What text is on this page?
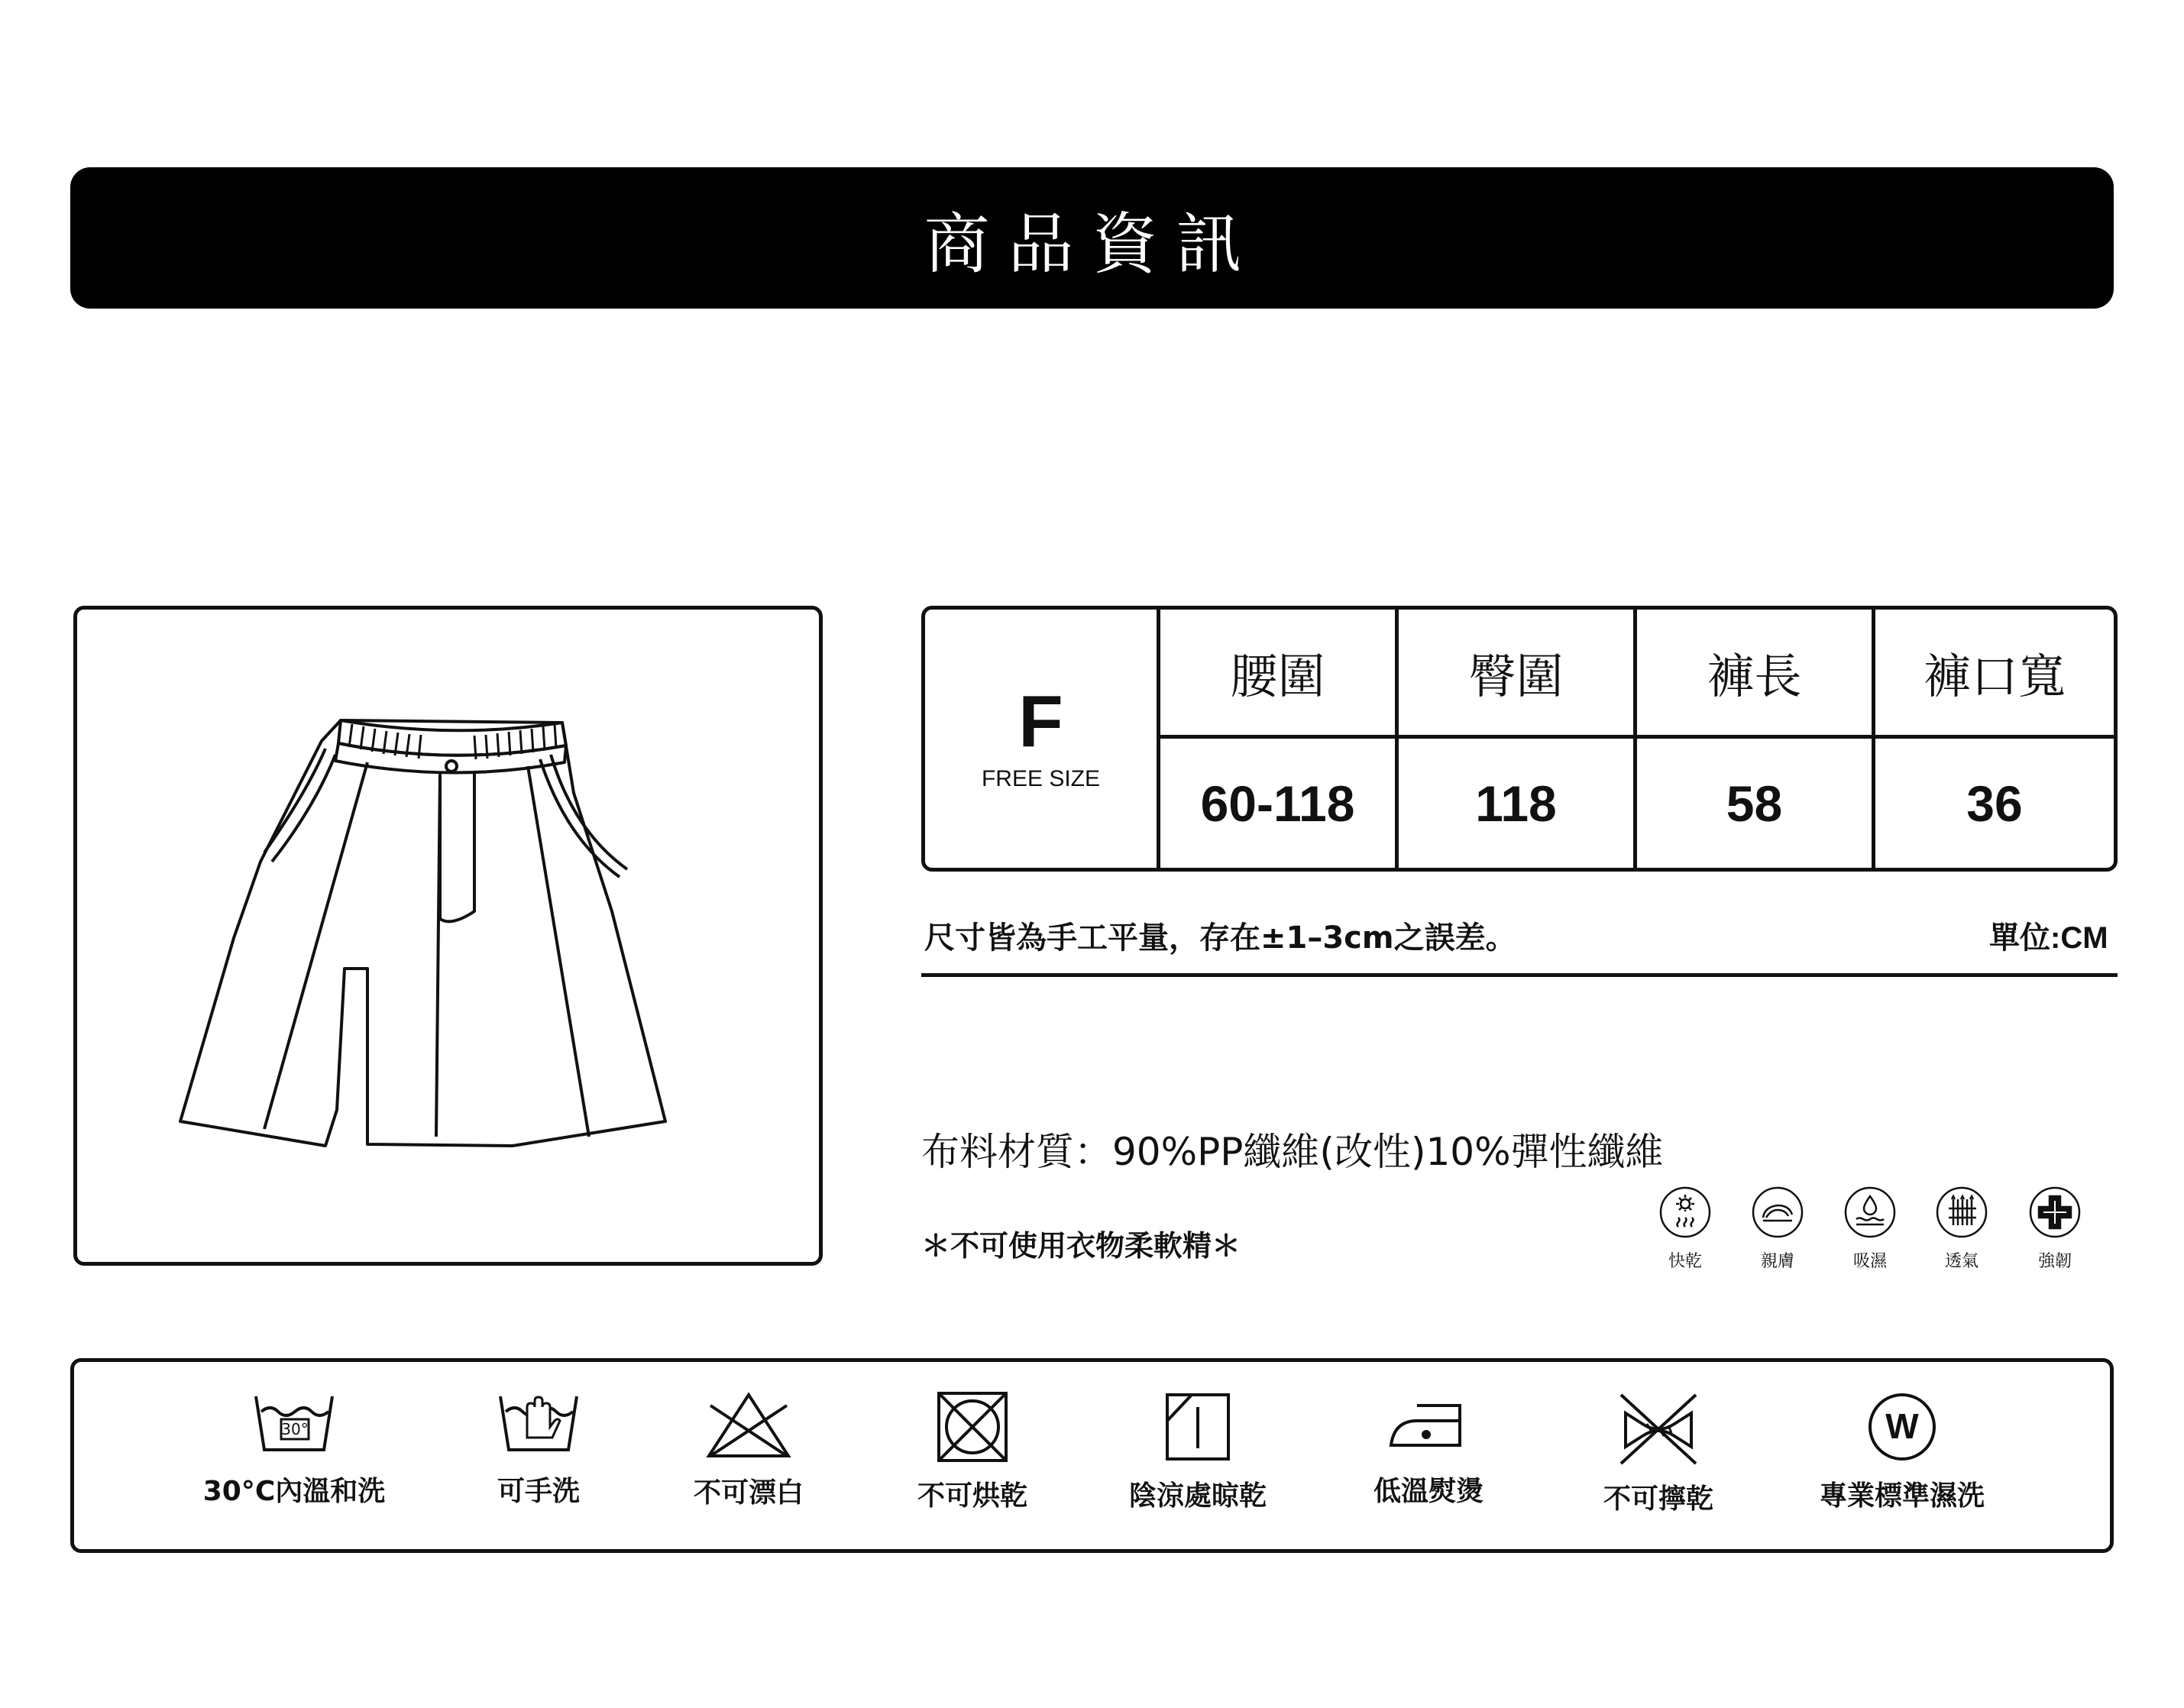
商品資訊
F
FREE SIZE
腰圍	臀圍	褲長	褲口寬
60-118	118	58	36
尺寸皆為手工平量，存在±1–3cm之誤差。	單位:CM
布料材質：90%PP纖維(改性)10%彈性纖維
＊不可使用衣物柔軟精＊	快乾	親膚	吸濕	透氣	強韌
30°
30°C內溫和洗	可手洗	不可漂白	不可烘乾	陰涼處晾乾	低溫熨燙	不可擰乾
W
專業標準濕洗
